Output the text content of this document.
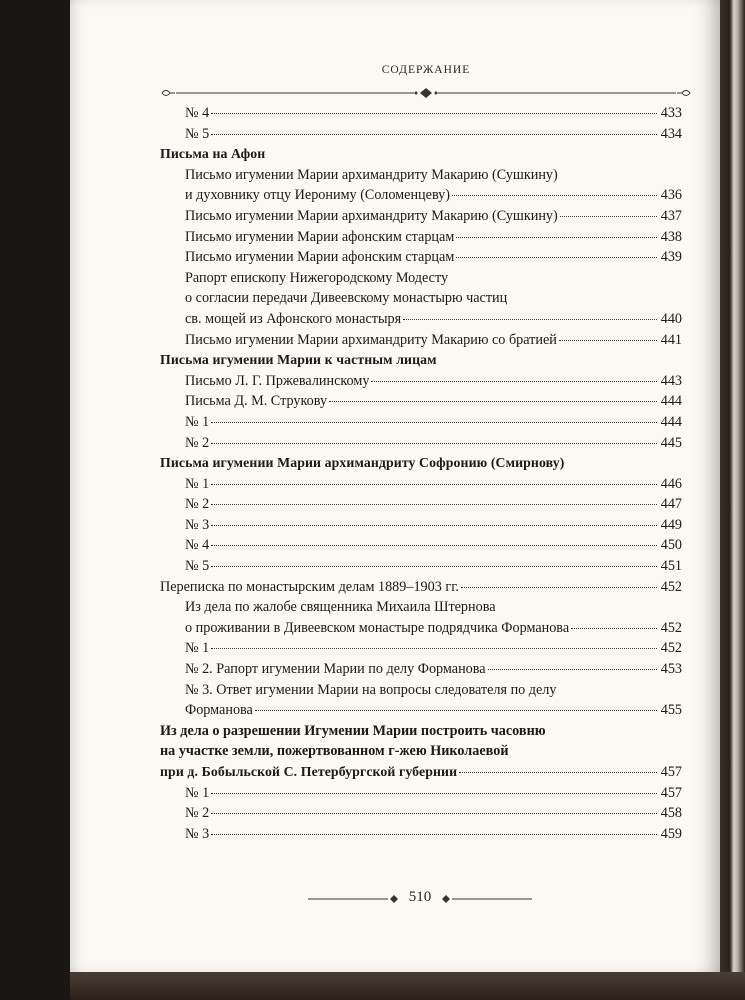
СОДЕРЖАНИЕ
№ 4	433
№ 5	434
Письма на Афон
Письмо игумении Марии архимандриту Макарию (Сушкину)
и духовнику отцу Иерониму (Соломенцеву)	436
Письмо игумении Марии архимандриту Макарию (Сушкину)	437
Письмо игумении Марии афонским старцам	438
Письмо игумении Марии афонским старцам	439
Рапорт епископу Нижегородскому Модесту
о согласии передачи Дивеевскому монастырю частиц
св. мощей из Афонского монастыря	440
Письмо игумении Марии архимандриту Макарию со братией	441
Письма игумении Марии к частным лицам
Письмо Л. Г. Пржевалинскому	443
Письма Д. М. Струкову	444
№ 1	444
№ 2	445
Письма игумении Марии архимандриту Софронию (Смирнову)
№ 1	446
№ 2	447
№ 3	449
№ 4	450
№ 5	451
Переписка по монастырским делам 1889–1903 гг.	452
Из дела по жалобе священника Михаила Штернова
о проживании в Дивеевском монастыре подрядчика Форманова	452
№ 1	452
№ 2. Рапорт игумении Марии по делу Форманова	453
№ 3. Ответ игумении Марии на вопросы следователя по делу
Форманова	455
Из дела о разрешении Игумении Марии построить часовню
на участке земли, пожертвованном г-жею Николаевой
при д. Бобыльской С. Петербургской губернии	457
№ 1	457
№ 2	458
№ 3	459
510
